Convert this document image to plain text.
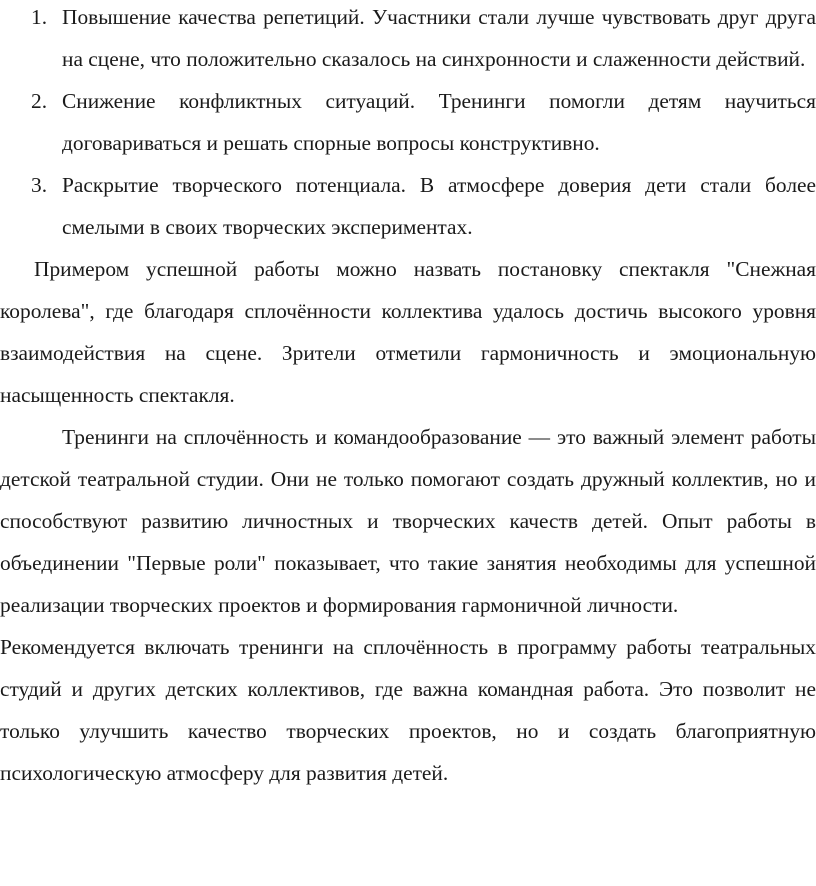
1. Повышение качества репетиций. Участники стали лучше чувствовать друг друга на сцене, что положительно сказалось на синхронности и слаженности действий.
2. Снижение конфликтных ситуаций. Тренинги помогли детям научиться договариваться и решать спорные вопросы конструктивно.
3. Раскрытие творческого потенциала. В атмосфере доверия дети стали более смелыми в своих творческих экспериментах.

Примером успешной работы можно назвать постановку спектакля "Снежная королева", где благодаря сплочённости коллектива удалось достичь высокого уровня взаимодействия на сцене. Зрители отметили гармоничность и эмоциональную насыщенность спектакля.

Тренинги на сплочённость и командообразование — это важный элемент работы детской театральной студии. Они не только помогают создать дружный коллектив, но и способствуют развитию личностных и творческих качеств детей. Опыт работы в объединении "Первые роли" показывает, что такие занятия необходимы для успешной реализации творческих проектов и формирования гармоничной личности.

Рекомендуется включать тренинги на сплочённость в программу работы театральных студий и других детских коллективов, где важна командная работа. Это позволит не только улучшить качество творческих проектов, но и создать благоприятную психологическую атмосферу для развития детей.
